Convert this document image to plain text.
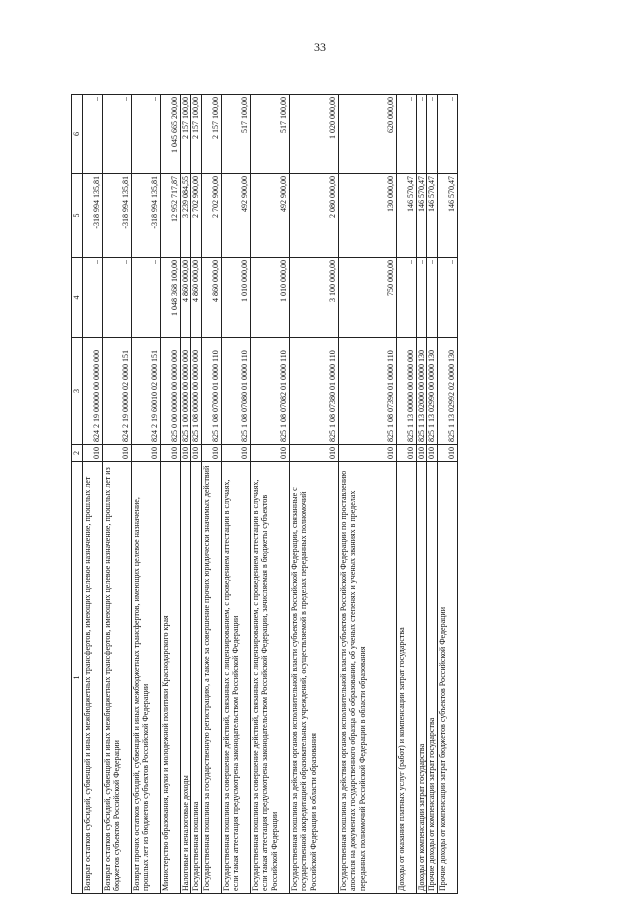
33
1	2	3	4	5	6
Возврат остатков субсидий, субвенций и иных межбюджетных трансфертов, имеющих целевое назначение, прошлых лет	010	824 2 19 00000 00 0000 000	–	-318 994 135,81	–
Возврат остатков субсидий, субвенций и иных межбюджетных трансфертов, имеющих целевое назначение, прошлых лет из бюджетов субъектов Российской Федерации	010	824 2 19 00000 02 0000 151	–	-318 994 135,81	–
Возврат прочих остатков субсидий, субвенций и иных межбюджетных трансфертов, имеющих целевое назначение, прошлых лет из бюджетов субъектов Российской Федерации	010	824 2 19 60010 02 0000 151	–	-318 994 135,81	–
Министерство образования, науки и молодежной политики Краснодарского края	010	825 0 00 00000 00 0000 000	1 048 368 100,00	12 952 717,87	1 045 665 200,00
Налоговые и неналоговые доходы	010	825 1 00 00000 00 0000 000	4 860 000,00	3 239 084,55	2 157 100,00
Государственная пошлина	010	825 1 08 00000 00 0000 000	4 860 000,00	2 702 900,00	2 157 100,00
Государственная пошлина за государственную регистрацию, а также за совершение прочих юридически значимых действий	010	825 1 08 07000 01 0000 110	4 860 000,00	2 702 900,00	2 157 100,00
Государственная пошлина за совершение действий, связанных с лицензированием, с проведением аттестации в случаях, если такая аттестация предусмотрена законодательством Российской Федерации	010	825 1 08 07080 01 0000 110	1 010 000,00	492 900,00	517 100,00
Государственная пошлина за совершение действий, связанных с лицензированием, с проведением аттестации в случаях, если такая аттестация предусмотрена законодательством Российской Федерации, зачисляемая в бюджеты субъектов Российской Федерации	010	825 1 08 07082 01 0000 110	1 010 000,00	492 900,00	517 100,00
Государственная пошлина за действия органов исполнительной власти субъектов Российской Федерации, связанные с государственной аккредитацией образовательных учреждений, осуществляемой в пределах переданных полномочий Российской Федерации в области образования	010	825 1 08 07380 01 0000 110	3 100 000,00	2 080 000,00	1 020 000,00
Государственная пошлина за действия органов исполнительной власти субъектов Российской Федерации по проставлению апостиля на документах государственного образца об образовании, об ученых степенях и ученых званиях в пределах переданных полномочий Российской Федерации в области образования	010	825 1 08 07390 01 0000 110	750 000,00	130 000,00	620 000,00
Доходы от оказания платных услуг (работ) и компенсации затрат государства	010	825 1 13 00000 00 0000 000	–	146 570,47	–
Доходы от компенсации затрат государства	010	825 1 13 02000 00 0000 130	–	146 570,47	–
Прочие доходы от компенсации затрат государства	010	825 1 13 02990 00 0000 130	–	146 570,47	–
Прочие доходы от компенсации затрат бюджетов субъектов Российской Федерации	010	825 1 13 02992 02 0000 130	–	146 570,47	–
